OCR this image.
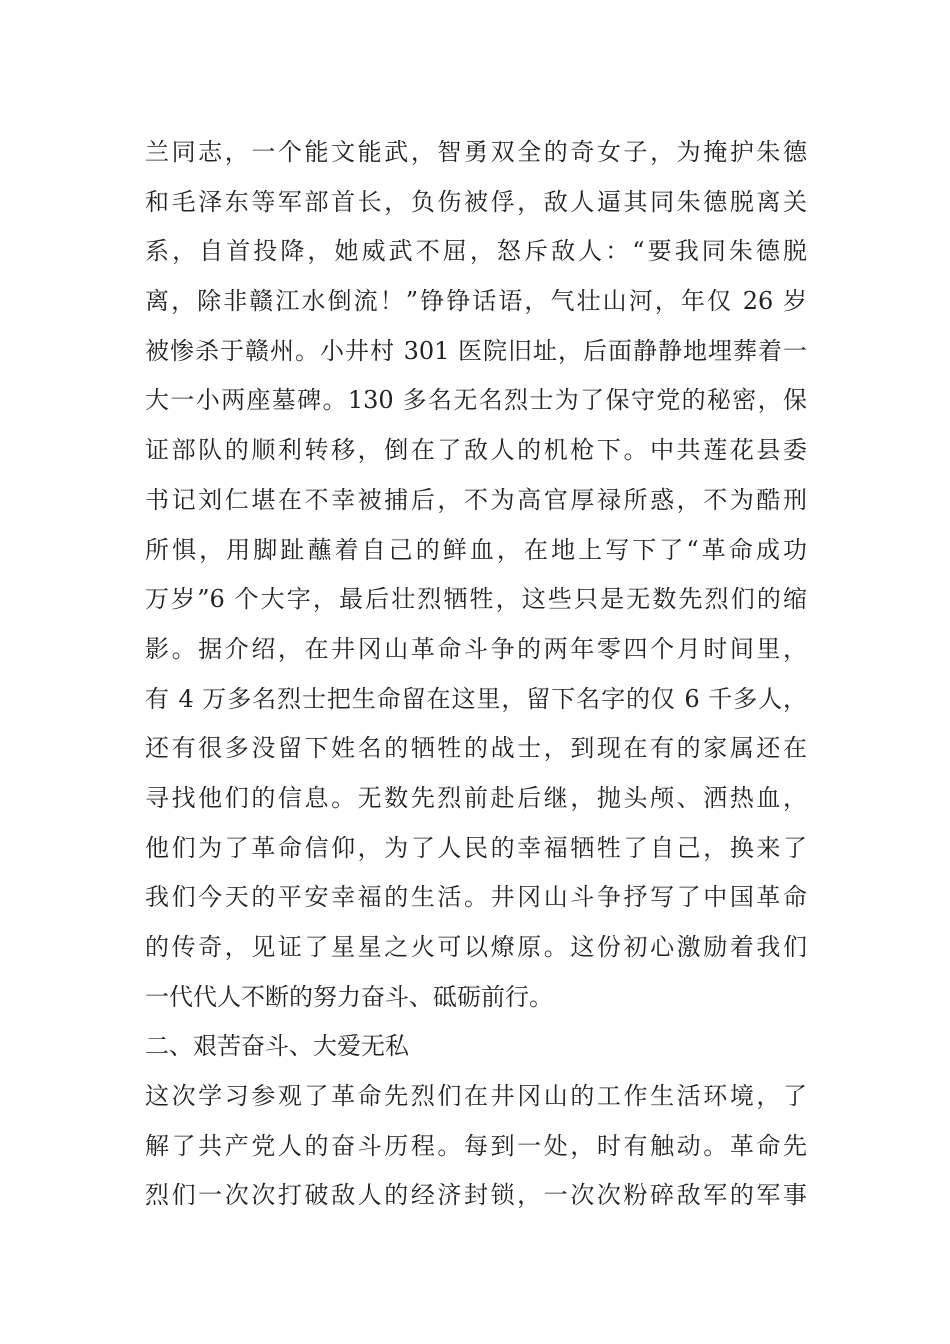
兰同志，一个能文能武，智勇双全的奇女子，为掩护朱德
和毛泽东等军部首长，负伤被俘，敌人逼其同朱德脱离关
系，自首投降，她威武不屈，怒斥敌人：“要我同朱德脱
离，除非赣江水倒流！”铮铮话语，气壮山河，年仅 26 岁
被惨杀于赣州。小井村 301 医院旧址，后面静静地埋葬着一
大一小两座墓碑。130 多名无名烈士为了保守党的秘密，保
证部队的顺利转移，倒在了敌人的机枪下。中共莲花县委
书记刘仁堪在不幸被捕后，不为高官厚禄所惑，不为酷刑
所惧，用脚趾蘸着自己的鲜血，在地上写下了“革命成功
万岁”6 个大字，最后壮烈牺牲，这些只是无数先烈们的缩
影。据介绍，在井冈山革命斗争的两年零四个月时间里，
有 4 万多名烈士把生命留在这里，留下名字的仅 6 千多人，
还有很多没留下姓名的牺牲的战士，到现在有的家属还在
寻找他们的信息。无数先烈前赴后继，抛头颅、洒热血，
他们为了革命信仰，为了人民的幸福牺牲了自己，换来了
我们今天的平安幸福的生活。井冈山斗争抒写了中国革命
的传奇，见证了星星之火可以燎原。这份初心激励着我们
一代代人不断的努力奋斗、砥砺前行。
二、艰苦奋斗、大爱无私
这次学习参观了革命先烈们在井冈山的工作生活环境，了
解了共产党人的奋斗历程。每到一处，时有触动。革命先
烈们一次次打破敌人的经济封锁，一次次粉碎敌军的军事
